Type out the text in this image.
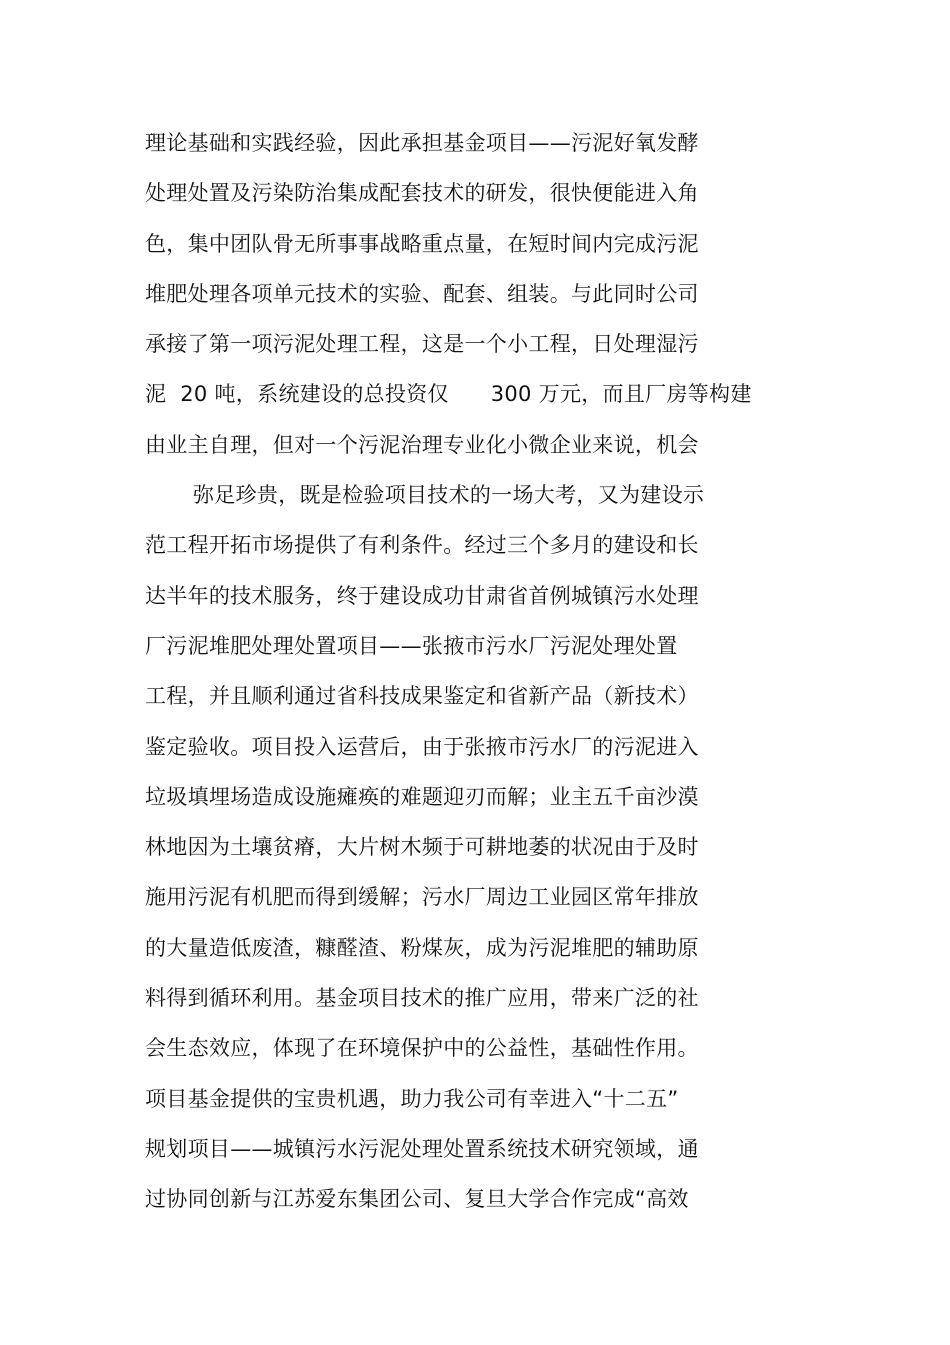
理论基础和实践经验，因此承担基金项目——污泥好氧发酵
处理处置及污染防治集成配套技术的研发，很快便能进入角
色，集中团队骨无所事事战略重点量，在短时间内完成污泥
堆肥处理各项单元技术的实验、配套、组装。与此同时公司
承接了第一项污泥处理工程，这是一个小工程，日处理湿污
泥  20 吨，系统建设的总投资仅      300 万元，而且厂房等构建
由业主自理，但对一个污泥治理专业化小微企业来说，机会
弥足珍贵，既是检验项目技术的一场大考，又为建设示
范工程开拓市场提供了有利条件。经过三个多月的建设和长
达半年的技术服务，终于建设成功甘肃省首例城镇污水处理
厂污泥堆肥处理处置项目——张掖市污水厂污泥处理处置
工程，并且顺利通过省科技成果鉴定和省新产品（新技术）
鉴定验收。项目投入运营后，由于张掖市污水厂的污泥进入
垃圾填埋场造成设施瘫痪的难题迎刃而解；业主五千亩沙漠
林地因为土壤贫瘠，大片树木频于可耕地萎的状况由于及时
施用污泥有机肥而得到缓解；污水厂周边工业园区常年排放
的大量造低废渣，糠醛渣、粉煤灰，成为污泥堆肥的辅助原
料得到循环利用。基金项目技术的推广应用，带来广泛的社
会生态效应，体现了在环境保护中的公益性，基础性作用。
项目基金提供的宝贵机遇，助力我公司有幸进入“十二五”
规划项目——城镇污水污泥处理处置系统技术研究领域，通
过协同创新与江苏爱东集团公司、复旦大学合作完成“高效
